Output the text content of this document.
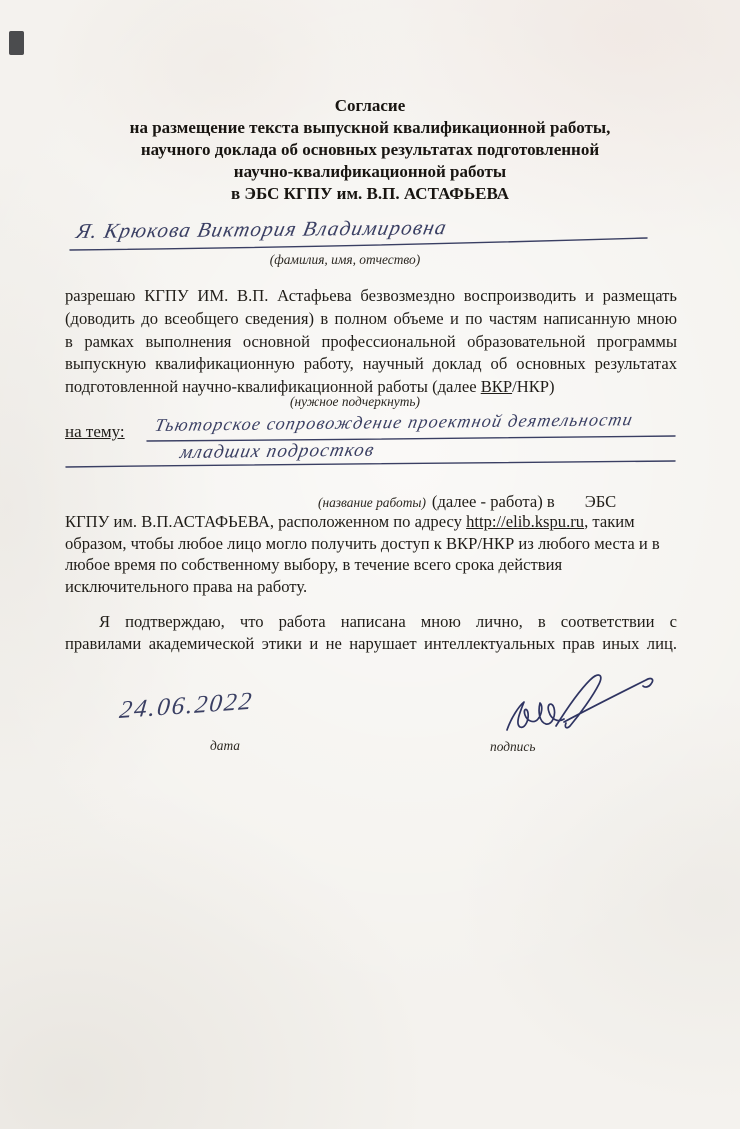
Согласие
на размещение текста выпускной квалификационной работы,
научного доклада об основных результатах подготовленной
научно-квалификационной работы
в ЭБС КГПУ им. В.П. АСТАФЬЕВА
Я. Крюкова Виктория Владимировна
(фамилия, имя, отчество)
разрешаю КГПУ ИМ. В.П. Астафьева безвозмездно воспроизводить и размещать
(доводить до всеобщего сведения) в полном объеме и по частям написанную мною
в рамках выполнения основной профессиональной образовательной программы
выпускную квалификационную работу, научный доклад об основных результатах
подготовленной научно-квалификационной работы (далее ВКР/НКР)
(нужное подчеркнуть)
на тему: Тьюторское сопровождение проектной деятельности
младших подростков
(название работы) (далее - работа) в ЭБС
КГПУ им. В.П.АСТАФЬЕВА, расположенном по адресу http://elib.kspu.ru, таким
образом, чтобы любое лицо могло получить доступ к ВКР/НКР из любого места и в
любое время по собственному выбору, в течение всего срока действия
исключительного права на работу.
Я подтверждаю, что работа написана мною лично, в соответствии с
правилами академической этики и не нарушает интеллектуальных прав иных лиц.
24.06.2022
дата	подпись
